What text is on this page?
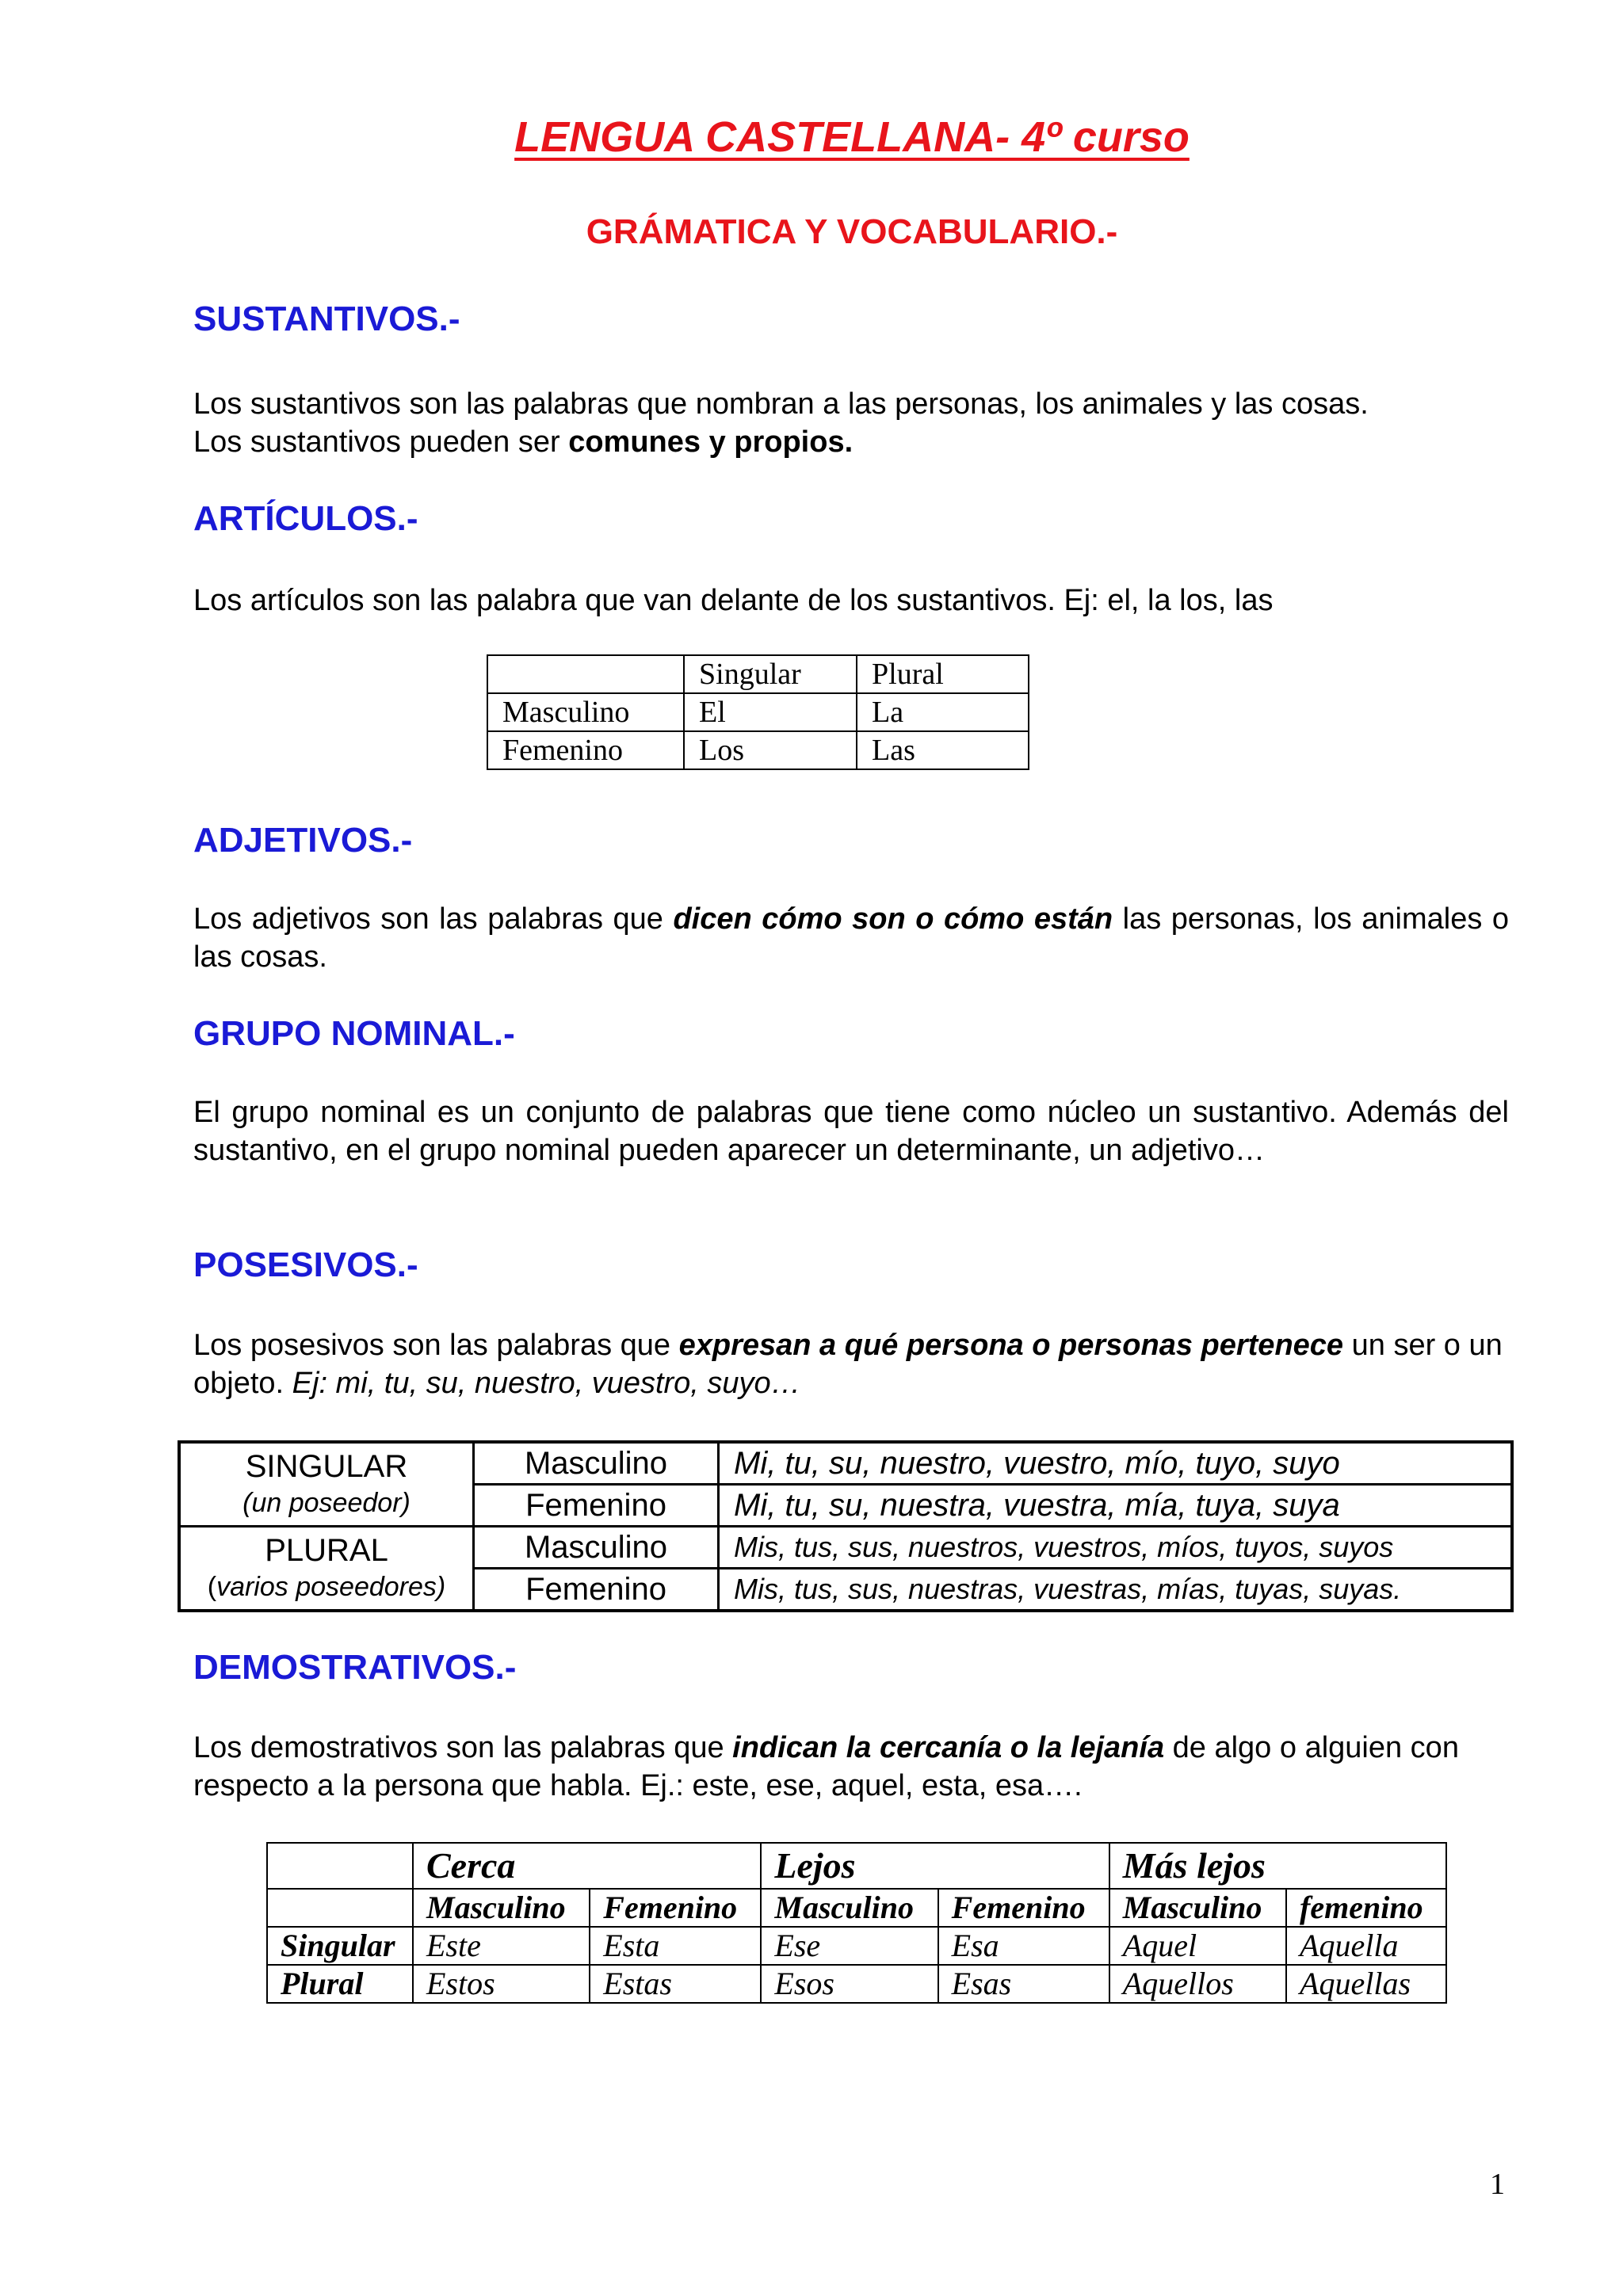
LENGUA CASTELLANA- 4º curso
GRÁMATICA Y VOCABULARIO.-
SUSTANTIVOS.-

Los sustantivos son las palabras que nombran a las personas, los animales y las cosas.
Los sustantivos pueden ser comunes y propios.

ARTÍCULOS.-

Los artículos son las palabra que van delante de los sustantivos. Ej: el, la los, las

	Singular	Plural
Masculino	El	La
Femenino	Los	Las
ADJETIVOS.-

Los adjetivos son las palabras que dicen cómo son o cómo están las personas, los animales o las cosas.

GRUPO NOMINAL.-

El grupo nominal es un conjunto de palabras que tiene como núcleo un sustantivo. Además del sustantivo, en el grupo nominal pueden aparecer un determinante, un adjetivo…

POSESIVOS.-

Los posesivos son las palabras que expresan a qué persona o personas pertenece un ser o un objeto. Ej: mi, tu, su, nuestro, vuestro, suyo…

SINGULAR
(un poseedor)	Masculino	Mi, tu, su, nuestro, vuestro, mío, tuyo, suyo
	Femenino	Mi, tu, su, nuestra, vuestra, mía, tuya, suya

PLURAL
(varios poseedores)	Masculino	Mis, tus, sus, nuestros, vuestros, míos, tuyos, suyos
	Femenino	Mis, tus, sus, nuestras, vuestras, mías, tuyas, suyas.
DEMOSTRATIVOS.-

Los demostrativos son las palabras que indican la cercanía o la lejanía de algo o alguien con respecto a la persona que habla. Ej.: este, ese, aquel, esta, esa….

	Cerca		Lejos		Más lejos	
	Masculino	Femenino	Masculino	Femenino	Masculino	femenino
Singular	Este	Esta	Ese	Esa	Aquel	Aquella
Plural	Estos	Estas	Esos	Esas	Aquellos	Aquellas
1
